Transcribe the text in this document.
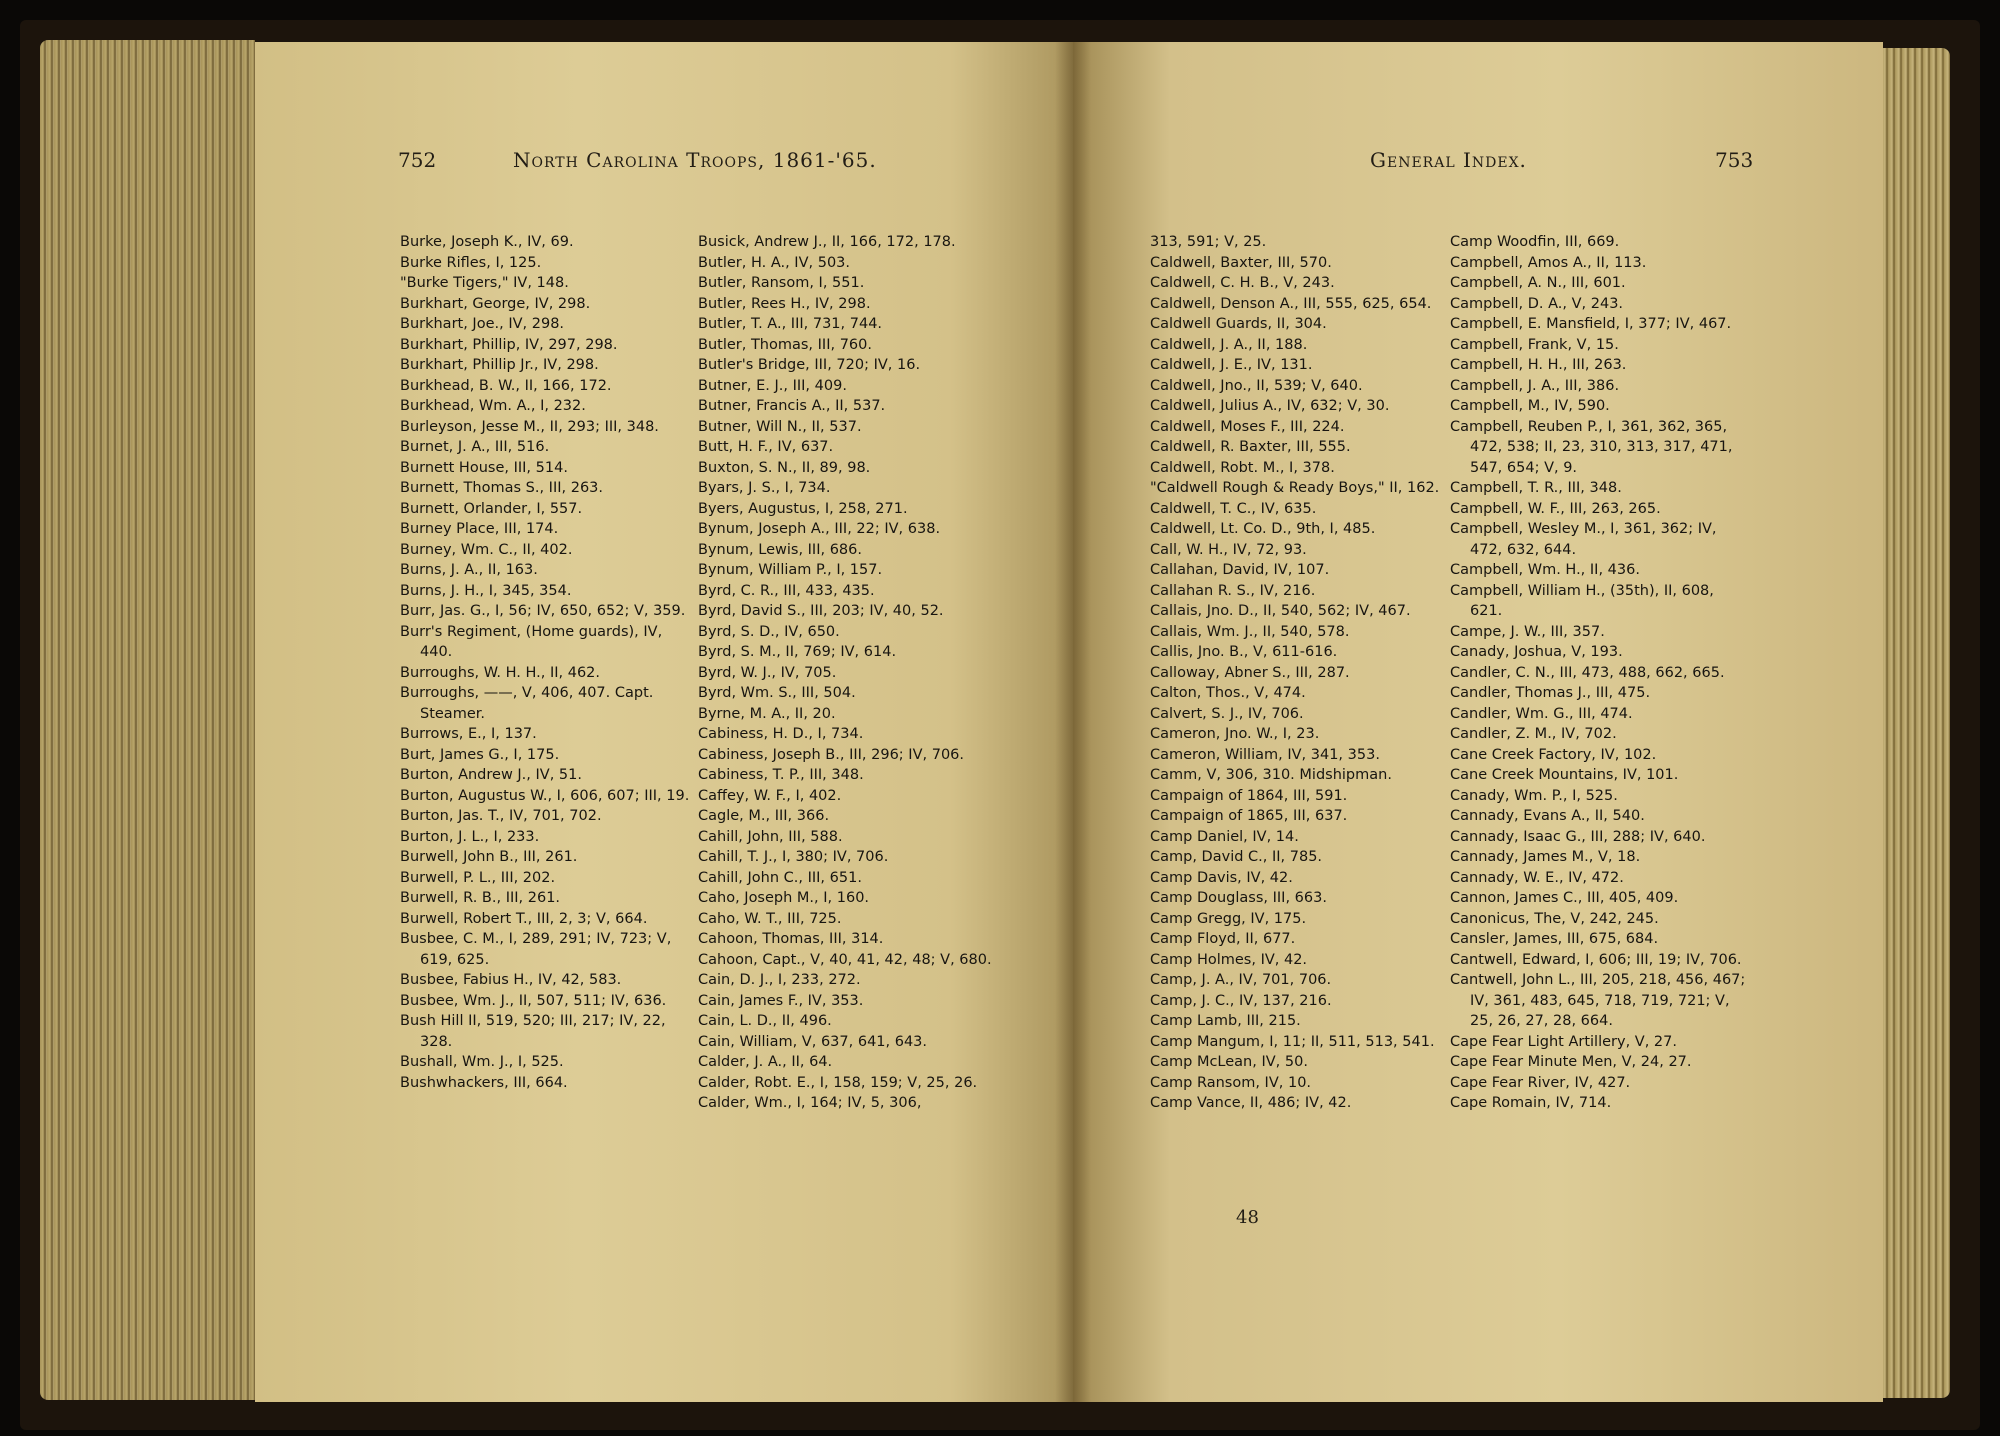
752	North Carolina Troops, 1861-'65.	General Index.	753
Burke, Joseph K., IV, 69.
Burke Rifles, I, 125.
"Burke Tigers," IV, 148.
Burkhart, George, IV, 298.
Burkhart, Joe., IV, 298.
Burkhart, Phillip, IV, 297, 298.
Burkhart, Phillip Jr., IV, 298.
Burkhead, B. W., II, 166, 172.
Burkhead, Wm. A., I, 232.
Burleyson, Jesse M., II, 293; III, 348.
Burnet, J. A., III, 516.
Burnett House, III, 514.
Burnett, Thomas S., III, 263.
Burnett, Orlander, I, 557.
Burney Place, III, 174.
Burney, Wm. C., II, 402.
Burns, J. A., II, 163.
Burns, J. H., I, 345, 354.
Burr, Jas. G., I, 56; IV, 650, 652; V, 359.
Burr's Regiment, (Home guards), IV, 440.
Burroughs, W. H. H., II, 462.
Burroughs, ——, V, 406, 407. Capt. Steamer.
Burrows, E., I, 137.
Burt, James G., I, 175.
Burton, Andrew J., IV, 51.
Burton, Augustus W., I, 606, 607; III, 19.
Burton, Jas. T., IV, 701, 702.
Burton, J. L., I, 233.
Burwell, John B., III, 261.
Burwell, P. L., III, 202.
Burwell, R. B., III, 261.
Burwell, Robert T., III, 2, 3; V, 664.
Busbee, C. M., I, 289, 291; IV, 723; V, 619, 625.
Busbee, Fabius H., IV, 42, 583.
Busbee, Wm. J., II, 507, 511; IV, 636.
Bush Hill II, 519, 520; III, 217; IV, 22, 328.
Bushall, Wm. J., I, 525.
Bushwhackers, III, 664.
Busick, Andrew J., II, 166, 172, 178.
Butler, H. A., IV, 503.
Butler, Ransom, I, 551.
Butler, Rees H., IV, 298.
Butler, T. A., III, 731, 744.
Butler, Thomas, III, 760.
Butler's Bridge, III, 720; IV, 16.
Butner, E. J., III, 409.
Butner, Francis A., II, 537.
Butner, Will N., II, 537.
Butt, H. F., IV, 637.
Buxton, S. N., II, 89, 98.
Byars, J. S., I, 734.
Byers, Augustus, I, 258, 271.
Bynum, Joseph A., III, 22; IV, 638.
Bynum, Lewis, III, 686.
Bynum, William P., I, 157.
Byrd, C. R., III, 433, 435.
Byrd, David S., III, 203; IV, 40, 52.
Byrd, S. D., IV, 650.
Byrd, S. M., II, 769; IV, 614.
Byrd, W. J., IV, 705.
Byrd, Wm. S., III, 504.
Byrne, M. A., II, 20.
Cabiness, H. D., I, 734.
Cabiness, Joseph B., III, 296; IV, 706.
Cabiness, T. P., III, 348.
Caffey, W. F., I, 402.
Cagle, M., III, 366.
Cahill, John, III, 588.
Cahill, T. J., I, 380; IV, 706.
Cahill, John C., III, 651.
Caho, Joseph M., I, 160.
Caho, W. T., III, 725.
Cahoon, Thomas, III, 314.
Cahoon, Capt., V, 40, 41, 42, 48; V, 680.
Cain, D. J., I, 233, 272.
Cain, James F., IV, 353.
Cain, L. D., II, 496.
Cain, William, V, 637, 641, 643.
Calder, J. A., II, 64.
Calder, Robt. E., I, 158, 159; V, 25, 26.
Calder, Wm., I, 164; IV, 5, 306,
313, 591; V, 25.
Caldwell, Baxter, III, 570.
Caldwell, C. H. B., V, 243.
Caldwell, Denson A., III, 555, 625, 654.
Caldwell Guards, II, 304.
Caldwell, J. A., II, 188.
Caldwell, J. E., IV, 131.
Caldwell, Jno., II, 539; V, 640.
Caldwell, Julius A., IV, 632; V, 30.
Caldwell, Moses F., III, 224.
Caldwell, R. Baxter, III, 555.
Caldwell, Robt. M., I, 378.
"Caldwell Rough & Ready Boys," II, 162.
Caldwell, T. C., IV, 635.
Caldwell, Lt. Co. D., 9th, I, 485.
Call, W. H., IV, 72, 93.
Callahan, David, IV, 107.
Callahan R. S., IV, 216.
Callais, Jno. D., II, 540, 562; IV, 467.
Callais, Wm. J., II, 540, 578.
Callis, Jno. B., V, 611-616.
Calloway, Abner S., III, 287.
Calton, Thos., V, 474.
Calvert, S. J., IV, 706.
Cameron, Jno. W., I, 23.
Cameron, William, IV, 341, 353.
Camm, V, 306, 310. Midshipman.
Campaign of 1864, III, 591.
Campaign of 1865, III, 637.
Camp Daniel, IV, 14.
Camp, David C., II, 785.
Camp Davis, IV, 42.
Camp Douglass, III, 663.
Camp Gregg, IV, 175.
Camp Floyd, II, 677.
Camp Holmes, IV, 42.
Camp, J. A., IV, 701, 706.
Camp, J. C., IV, 137, 216.
Camp Lamb, III, 215.
Camp Mangum, I, 11; II, 511, 513, 541.
Camp McLean, IV, 50.
Camp Ransom, IV, 10.
Camp Vance, II, 486; IV, 42.
Camp Woodfin, III, 669.
Campbell, Amos A., II, 113.
Campbell, A. N., III, 601.
Campbell, D. A., V, 243.
Campbell, E. Mansfield, I, 377; IV, 467.
Campbell, Frank, V, 15.
Campbell, H. H., III, 263.
Campbell, J. A., III, 386.
Campbell, M., IV, 590.
Campbell, Reuben P., I, 361, 362, 365, 472, 538; II, 23, 310, 313, 317, 471, 547, 654; V, 9.
Campbell, T. R., III, 348.
Campbell, W. F., III, 263, 265.
Campbell, Wesley M., I, 361, 362; IV, 472, 632, 644.
Campbell, Wm. H., II, 436.
Campbell, William H., (35th), II, 608, 621.
Campe, J. W., III, 357.
Canady, Joshua, V, 193.
Candler, C. N., III, 473, 488, 662, 665.
Candler, Thomas J., III, 475.
Candler, Wm. G., III, 474.
Candler, Z. M., IV, 702.
Cane Creek Factory, IV, 102.
Cane Creek Mountains, IV, 101.
Canady, Wm. P., I, 525.
Cannady, Evans A., II, 540.
Cannady, Isaac G., III, 288; IV, 640.
Cannady, James M., V, 18.
Cannady, W. E., IV, 472.
Cannon, James C., III, 405, 409.
Canonicus, The, V, 242, 245.
Cansler, James, III, 675, 684.
Cantwell, Edward, I, 606; III, 19; IV, 706.
Cantwell, John L., III, 205, 218, 456, 467; IV, 361, 483, 645, 718, 719, 721; V, 25, 26, 27, 28, 664.
Cape Fear Light Artillery, V, 27.
Cape Fear Minute Men, V, 24, 27.
Cape Fear River, IV, 427.
Cape Romain, IV, 714.
48
